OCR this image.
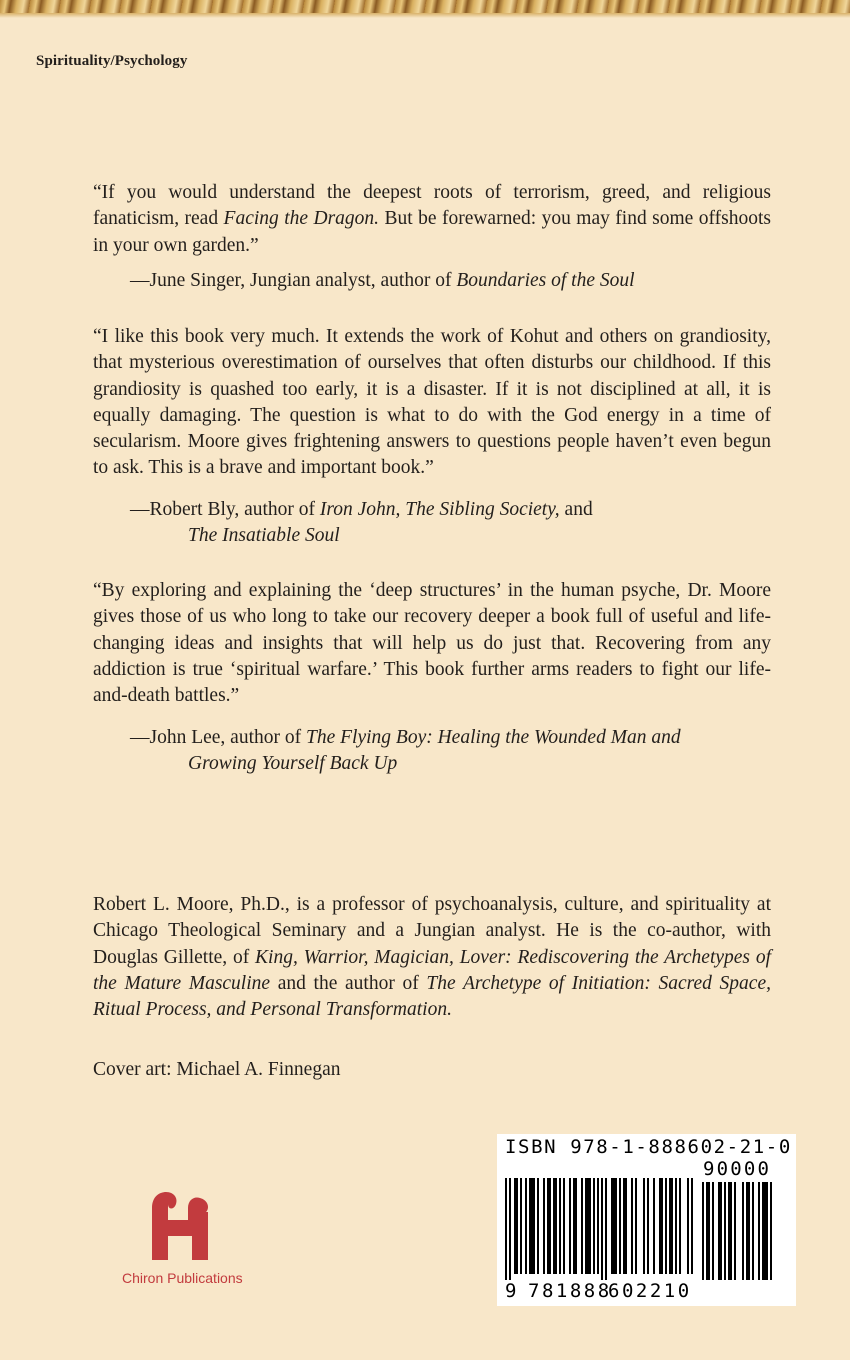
Spirituality/Psychology

“If you would understand the deepest roots of terrorism, greed, and religious fanaticism, read Facing the Dragon. But be forewarned: you may find some offshoots in your own garden.”

—June Singer, Jungian analyst, author of Boundaries of the Soul

“I like this book very much. It extends the work of Kohut and others on grandiosity, that mysterious overestimation of ourselves that often disturbs our childhood. If this grandiosity is quashed too early, it is a disaster. If it is not disciplined at all, it is equally damaging. The question is what to do with the God energy in a time of secularism. Moore gives frightening answers to questions people haven’t even begun to ask. This is a brave and important book.”

—Robert Bly, author of Iron John, The Sibling Society, and
The Insatiable Soul

“By exploring and explaining the ‘deep structures’ in the human psyche, Dr. Moore gives those of us who long to take our recovery deeper a book full of useful and life-changing ideas and insights that will help us do just that. Recovering from any addiction is true ‘spiritual warfare.’ This book further arms readers to fight our life-and-death battles.”

—John Lee, author of The Flying Boy: Healing the Wounded Man and
Growing Yourself Back Up

Robert L. Moore, Ph.D., is a professor of psychoanalysis, culture, and spirituality at Chicago Theological Seminary and a Jungian analyst. He is the co-author, with Douglas Gillette, of King, Warrior, Magician, Lover: Rediscovering the Archetypes of the Mature Masculine and the author of The Archetype of Initiation: Sacred Space, Ritual Process, and Personal Transformation.

Cover art: Michael A. Finnegan

Chiron Publications
ISBN 978-1-888602-21-0
90000
9 781888
602210
